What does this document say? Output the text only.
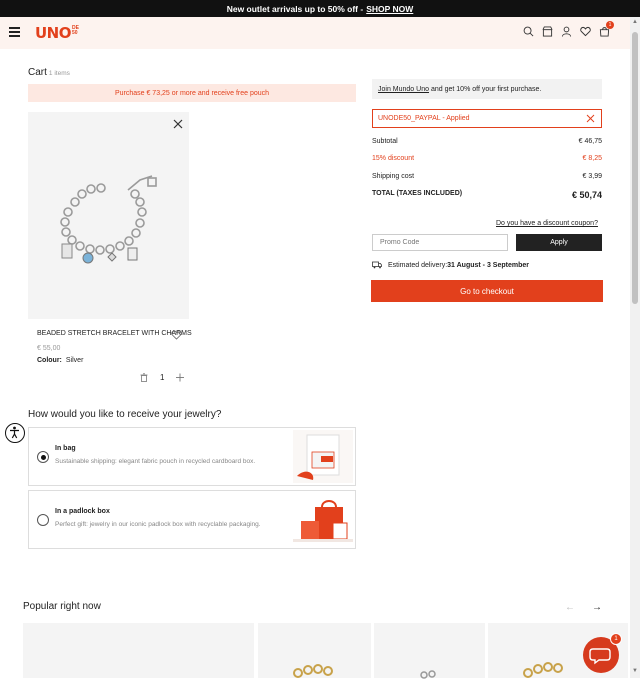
New outlet arrivals up to 50% off - SHOP NOW
UNO DE
50
1	▲
▼
Cart 1 items
Purchase € 73,25 or more and receive free pouch
BEADED STRETCH BRACELET WITH CHARMS
€ 55,00
Colour: Silver
1
How would you like to receive your jewelry?
In bag
Sustainable shipping: elegant fabric pouch in recycled cardboard box.
In a padlock box
Perfect gift: jewelry in our iconic padlock box with recyclable packaging.
Popular right now	← →
1
Join Mundo Uno and get 10% off your first purchase.
UNODE50_PAYPAL - Applied
Subtotal	€ 46,75
15% discount	€ 8,25
Shipping cost	€ 3,99
TOTAL (TAXES INCLUDED)	€ 50,74
Do you have a discount coupon?
Promo Code
Apply
Estimated delivery:31 August - 3 September
Go to checkout
